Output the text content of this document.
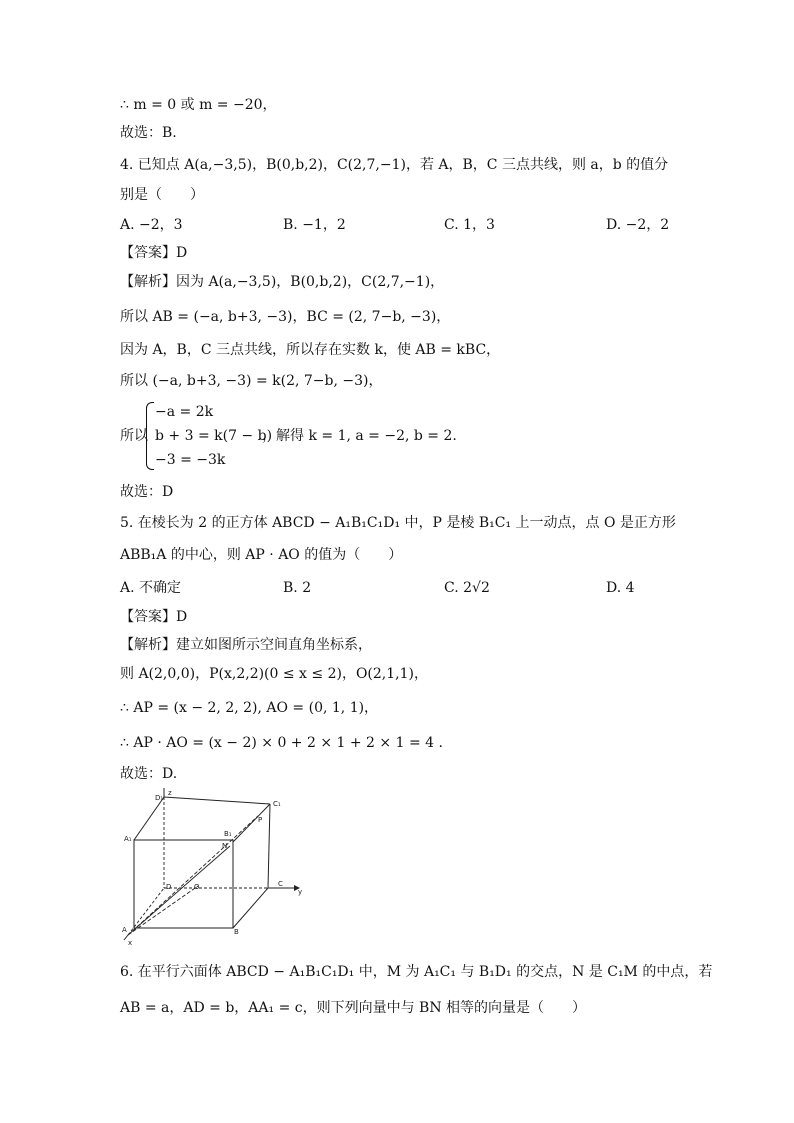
∴ m = 0 或 m = −20，
故选：B.
4. 已知点 A(a,−3,5)，B(0,b,2)，C(2,7,−1)，若 A，B，C 三点共线，则 a，b 的值分
别是（　　）
A. −2，3	B. −1，2	C. 1，3	D. −2，2
【答案】D
【解析】因为 A(a,−3,5)，B(0,b,2)，C(2,7,−1)，
所以 AB = (−a, b+3, −3)，BC = (2, 7−b, −3)，
因为 A，B，C 三点共线，所以存在实数 k，使 AB = kBC，
所以 (−a, b+3, −3) = k(2, 7−b, −3)，
所以
−a = 2k
b + 3 = k(7 − b)
−3 = −3k
，解得 k = 1, a = −2, b = 2.
故选：D
5. 在棱长为 2 的正方体 ABCD − A₁B₁C₁D₁ 中，P 是棱 B₁C₁ 上一动点，点 O 是正方形
ABB₁A 的中心，则 AP · AO 的值为（　　）
A. 不确定	B. 2	C. 2√2	D. 4
【答案】D
【解析】建立如图所示空间直角坐标系，
则 A(2,0,0)，P(x,2,2)(0 ≤ x ≤ 2)，O(2,1,1)，
∴ AP = (x − 2, 2, 2), AO = (0, 1, 1)，
∴ AP · AO = (x − 2) × 0 + 2 × 1 + 2 × 1 = 4 .
故选：D.
D₁
z
C₁
A₁
B₁
P
N
D	O	C
y
A
x
B
6. 在平行六面体 ABCD − A₁B₁C₁D₁ 中，M 为 A₁C₁ 与 B₁D₁ 的交点，N 是 C₁M 的中点，若
AB = a，AD = b，AA₁ = c，则下列向量中与 BN 相等的向量是（　　）
